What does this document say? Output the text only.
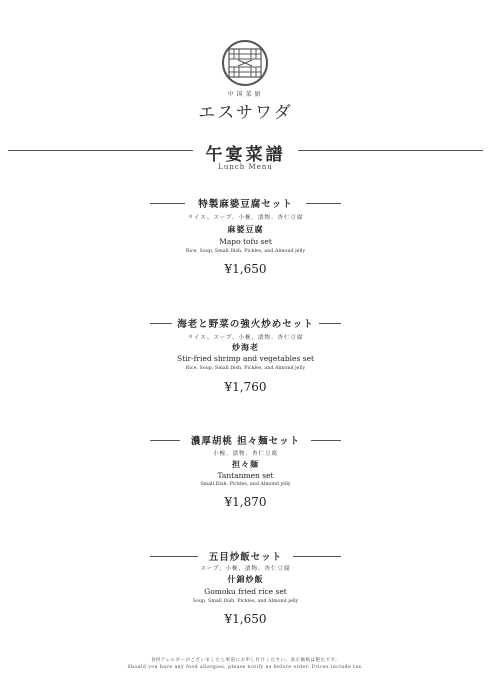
中国菜厨
エスサワダ
午宴菜譜
Lunch Menu
特製麻婆豆腐セット
ライス、スープ、小椀、漬物、杏仁豆腐
麻婆豆腐
Mapo tofu set
Rice, Soup, Small Dish, Pickles, and Almond jelly
¥1,650
海老と野菜の強火炒めセット
ライス、スープ、小椀、漬物、杏仁豆腐
炒海老
Stir-fried shrimp and vegetables set
Rice, Soup, Small Dish, Pickles, and Almond jelly
¥1,760
濃厚胡桃 担々麺セット
小椀、漬物、杏仁豆腐
担々麺
Tantanmen set
Small Dish, Pickles, and Almond jelly
¥1,870
五目炒飯セット
スープ、小椀、漬物、杏仁豆腐
什錦炒飯
Gomoku fried rice set
Soup, Small Dish, Pickles, and Almond jelly
¥1,650
食材アレルギーがございましたら事前にお申し付けください。表示価格は税込です。
Should you have any food allergies, please notify us before order. Prices include tax.
